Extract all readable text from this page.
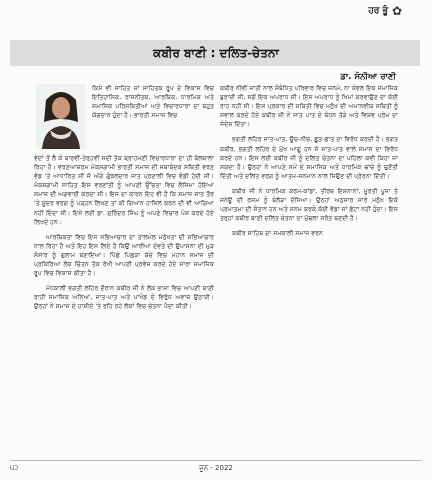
ਹਰ ਭੂੰ ✿
ਕਬੀਰ ਬਾਣੀ : ਦਲਿਤ-ਚੇਤਨਾ
ਡਾ. ਸੋਨੀਆ ਰਾਣੀ
ਕਿਸੇ ਵੀ ਸਾਹਿਤ ਜਾਂ ਸਾਹਿਤਕ ਰੂਪ ਦੇ ਵਿਕਾਸ ਵਿਚ ਇਤਿਹਾਸਿਕ, ਰਾਜਨੀਤਕ, ਆਰਥਿਕ, ਧਾਰਮਿਕ ਅਤੇ ਸਮਾਜਿਕ ਪਰਿਸਥਿਤੀਆਂ ਅਤੇ ਵਿਚਾਰਧਾਰਾ ਦਾ ਬਹੁਤ ਯੋਗਦਾਨ ਹੁੰਦਾ ਹੈ। ਭਾਰਤੀ ਸਮਾਜ ਵਿਚ

ਵੇਦਾਂ ਤੋਂ ਲੈ ਕੇ ਬਾਰਵੀਂ-ਤੇਰ੍ਹਵੀਂ ਸਦੀ ਤੱਕ ਬ੍ਰਾਹਮਣੀ ਵਿਚਾਰਧਾਰਾ ਦਾ ਹੀ ਬੋਲਬਾਲਾ ਰਿਹਾ ਹੈ। ਵਰਣਆਸ਼ਰਮ ਮੋਕਸ਼ਗਾਮੀ ਭਾਰਤੀ ਸਮਾਜ ਦੀ ਜਥਾਬੰਦਕ ਸਥਿਤੀ ਵਰਣ ਵੰਡ 'ਤੇ ਆਧਾਰਿਤ ਸੀ ਜੋ ਅੱਗੇ ਗੁੰਝਲਦਾਰ ਜਾਤ ਪ੍ਰਣਾਲੀ ਵਿਚ ਵੰਡੀ ਹੋਈ ਸੀ। ਮੋਕਸ਼ਗਾਮੀ ਸਾਹਿਤ ਇਸ ਵਰਣਾਂਤੀ ਨੂੰ ਆਪਣੀ ਉੱਚਤਾ ਵਿਚ ਲੈਜਿਮਾ ਹੋਇਆ ਸਮਾਜ ਦੀ ਅਗਵਾਈ ਕਰਦਾ ਸੀ। ਇਸ ਦਾ ਕਾਰਨ ਇਹ ਵੀ ਹੈ ਕਿ ਸਮਾਜ ਜਾਤ ਤੌਰ 'ਤੇ ਸੂਦਰ ਵਰਗ ਨੂੰ ਪੜ੍ਹਨ ਲਿਖਣ ਤਾਂ ਕੀ ਗਿਆਨ ਹਾਸਿਲ ਕਰਨ ਦੀ ਵੀ ਆਗਿਆ ਨਹੀਂ ਦਿੰਦਾ ਸੀ। ਇਸੇ ਲਈ ਡਾ. ਸੁਰਿੰਦਰ ਸਿੰਘ ਨੂੰ ਅਪਣੇ ਵਿਚਾਰ ਪੇਸ਼ ਕਰਦੇ ਹੋਏ ਲਿਖਦੇ ਹਨ :

ਆਰਥਿਕਤਾ ਵਿਚ ਇਸ ਸਭਿਆਚਾਰ ਦਾ ਤਾਲਮੇਲ ਮਨੁੱਖਤਾ ਦੀ ਸਭਿਆਚਾਰ ਨਾਲ ਰਿਹਾ ਹੈ ਅਤੇ ਇਹ ਇਸ ਲਿਏ ਹੈ ਕਿਉਂ ਆਰੀਆ ਦੇਵਤੇ ਦੀ ਉਪਾਸਨਾ ਦੀ ਮੁੜ ਸੰਸਾਰ ਨੂੰ ਗੁਲਾਮ ਬਣਾਇਆ। ਪਿੱਛੇ ਪਿਛੜਾ ਬੱਚੇ ਵਿਚ ਮਹਾਨ ਸਮਾਜ ਦੀ ਪ੍ਰਕਿਰਿਆ ਲੋਕ ਚਿੰਤਨ ਤੱਕ ਰੱਖੀ ਆਪਣੀ ਪ੍ਰਵੇਸ਼ ਕਰਦੇ ਹੋਏ ਸਾਰਾ ਸਮਾਜਿਕ ਰੂਪ ਵਿਚ ਵਿਕਾਸ ਕੀਤਾ ਹੈ।

ਮੱਧਕਾਲੀ ਭਗਤੀ ਲਹਿਰ ਦੌਰਾਨ ਕਬੀਰ ਜੀ ਨੇ ਲੋਕ ਭਾਸ਼ਾ ਵਿਚ ਆਪਣੀ ਬਾਣੀ ਰਾਹੀਂ ਸਮਾਜਿਕ ਅਨਿਆਂ, ਜਾਤ-ਪਾਤ ਅਤੇ ਪਾਖੰਡ ਦੇ ਵਿਰੁੱਧ ਅਵਾਜ਼ ਉਠਾਈ। ਉਨ੍ਹਾਂ ਨੇ ਸਮਾਜ ਦੇ ਹਾਸ਼ੀਏ 'ਤੇ ਰਹਿ ਰਹੇ ਲੋਕਾਂ ਵਿਚ ਚੇਤਨਾ ਪੈਦਾ ਕੀਤੀ।

ਕਬੀਰ ਨੀਵੀਂ ਜਾਤੀ ਨਾਲ ਸੰਬੰਧਿਤ ਪਰਿਵਾਰ ਵਿਚ ਜਨਮੇ, ਨਾ ਕੇਵਲ ਇਕ ਸਮਾਜਿਕ ਬੁਰਾਈ ਸੀ, ਸਗੋਂ ਇਕ ਅਪਰਾਧ ਸੀ। ਇਸ ਅਪਰਾਧ ਨੂੰ ਖਿਮਾਂ ਕਰਵਾਉਣ ਦਾ ਕੋਈ ਰਾਹ ਨਹੀਂ ਸੀ। ਇਸ ਪ੍ਰਕਾਰ ਦੀ ਸਥਿਤੀ ਵਿਚ ਮਨੁੱਖ ਦੀ ਅਮਾਨਵੀਯ ਸਥਿਤੀ ਨੂੰ ਸਵਾਲ ਕਰਦੇ ਹੋਏ ਕਬੀਰ ਜੀ ਨੇ ਜਾਤ ਪਾਤ ਦੇ ਬੰਧਨ ਤੋੜੇ ਅਤੇ ਵਿਸ਼ਵ ਪ੍ਰੇਮ ਦਾ ਸੰਦੇਸ਼ ਦਿੱਤਾ।

ਭਗਤੀ ਲਹਿਰ ਜਾਤ-ਪਾਤ, ਊਚ-ਨੀਚ, ਛੂਤ-ਛਾਤ ਦਾ ਵਿਰੋਧ ਕਰਦੀ ਹੈ। ਭਗਤ ਕਬੀਰ, ਭਗਤੀ ਲਹਿਰ ਦੇ ਮੁੱਖ ਆਗੂ ਹਨ ਜੋ ਜਾਤ-ਪਾਤ ਵਾਲੇ ਸਮਾਜ ਦਾ ਵਿਰੋਧ ਕਰਦੇ ਹਨ। ਇਸ ਲਈ ਕਬੀਰ ਜੀ ਨੂੰ ਦਲਿਤ ਚੇਤਨਾ ਦਾ ਪਹਿਲਾ ਕਵੀ ਕਿਹਾ ਜਾ ਸਕਦਾ ਹੈ। ਉਨ੍ਹਾਂ ਨੇ ਆਪਣੇ ਸਮੇਂ ਦੇ ਸਮਾਜਿਕ ਅਤੇ ਧਾਰਮਿਕ ਢਾਂਚੇ ਨੂੰ ਚੁਣੌਤੀ ਦਿੱਤੀ ਅਤੇ ਦਲਿਤ ਵਰਗ ਨੂੰ ਆਤਮ-ਸਨਮਾਨ ਨਾਲ ਜਿਉਣ ਦੀ ਪ੍ਰੇਰਨਾ ਦਿੱਤੀ।

ਕਬੀਰ ਜੀ ਨੇ ਧਾਰਮਿਕ ਕਰਮ-ਕਾਂਡਾਂ, ਤੀਰਥ ਇਸ਼ਨਾਨਾਂ, ਮੂਰਤੀ ਪੂਜਾ ਤੇ ਜਨੇਊ ਦੀ ਰਸਮ ਨੂੰ ਬੇਲੋੜਾ ਦੱਸਿਆ। ਉਨ੍ਹਾਂ ਅਨੁਸਾਰ ਸਾਰੇ ਮਨੁੱਖ ਇਕੋ ਪ੍ਰਮਾਤਮਾ ਦੀ ਸੰਤਾਨ ਹਨ ਅਤੇ ਜਨਮ ਕਰਕੇ ਕੋਈ ਵੱਡਾ ਜਾਂ ਛੋਟਾ ਨਹੀਂ ਹੁੰਦਾ। ਇਸ ਤਰ੍ਹਾਂ ਕਬੀਰ ਬਾਣੀ ਦਲਿਤ ਚੇਤਨਾ ਦਾ ਮੁੱਢਲਾ ਸਰੋਤ ਬਣਦੀ ਹੈ।

ਕਬੀਰ ਸਾਹਿਬ ਦਾ ਸਮਕਾਲੀ ਸਮਾਜ ਵਰਨ

੫੨	ਜੂਨ - 2022
